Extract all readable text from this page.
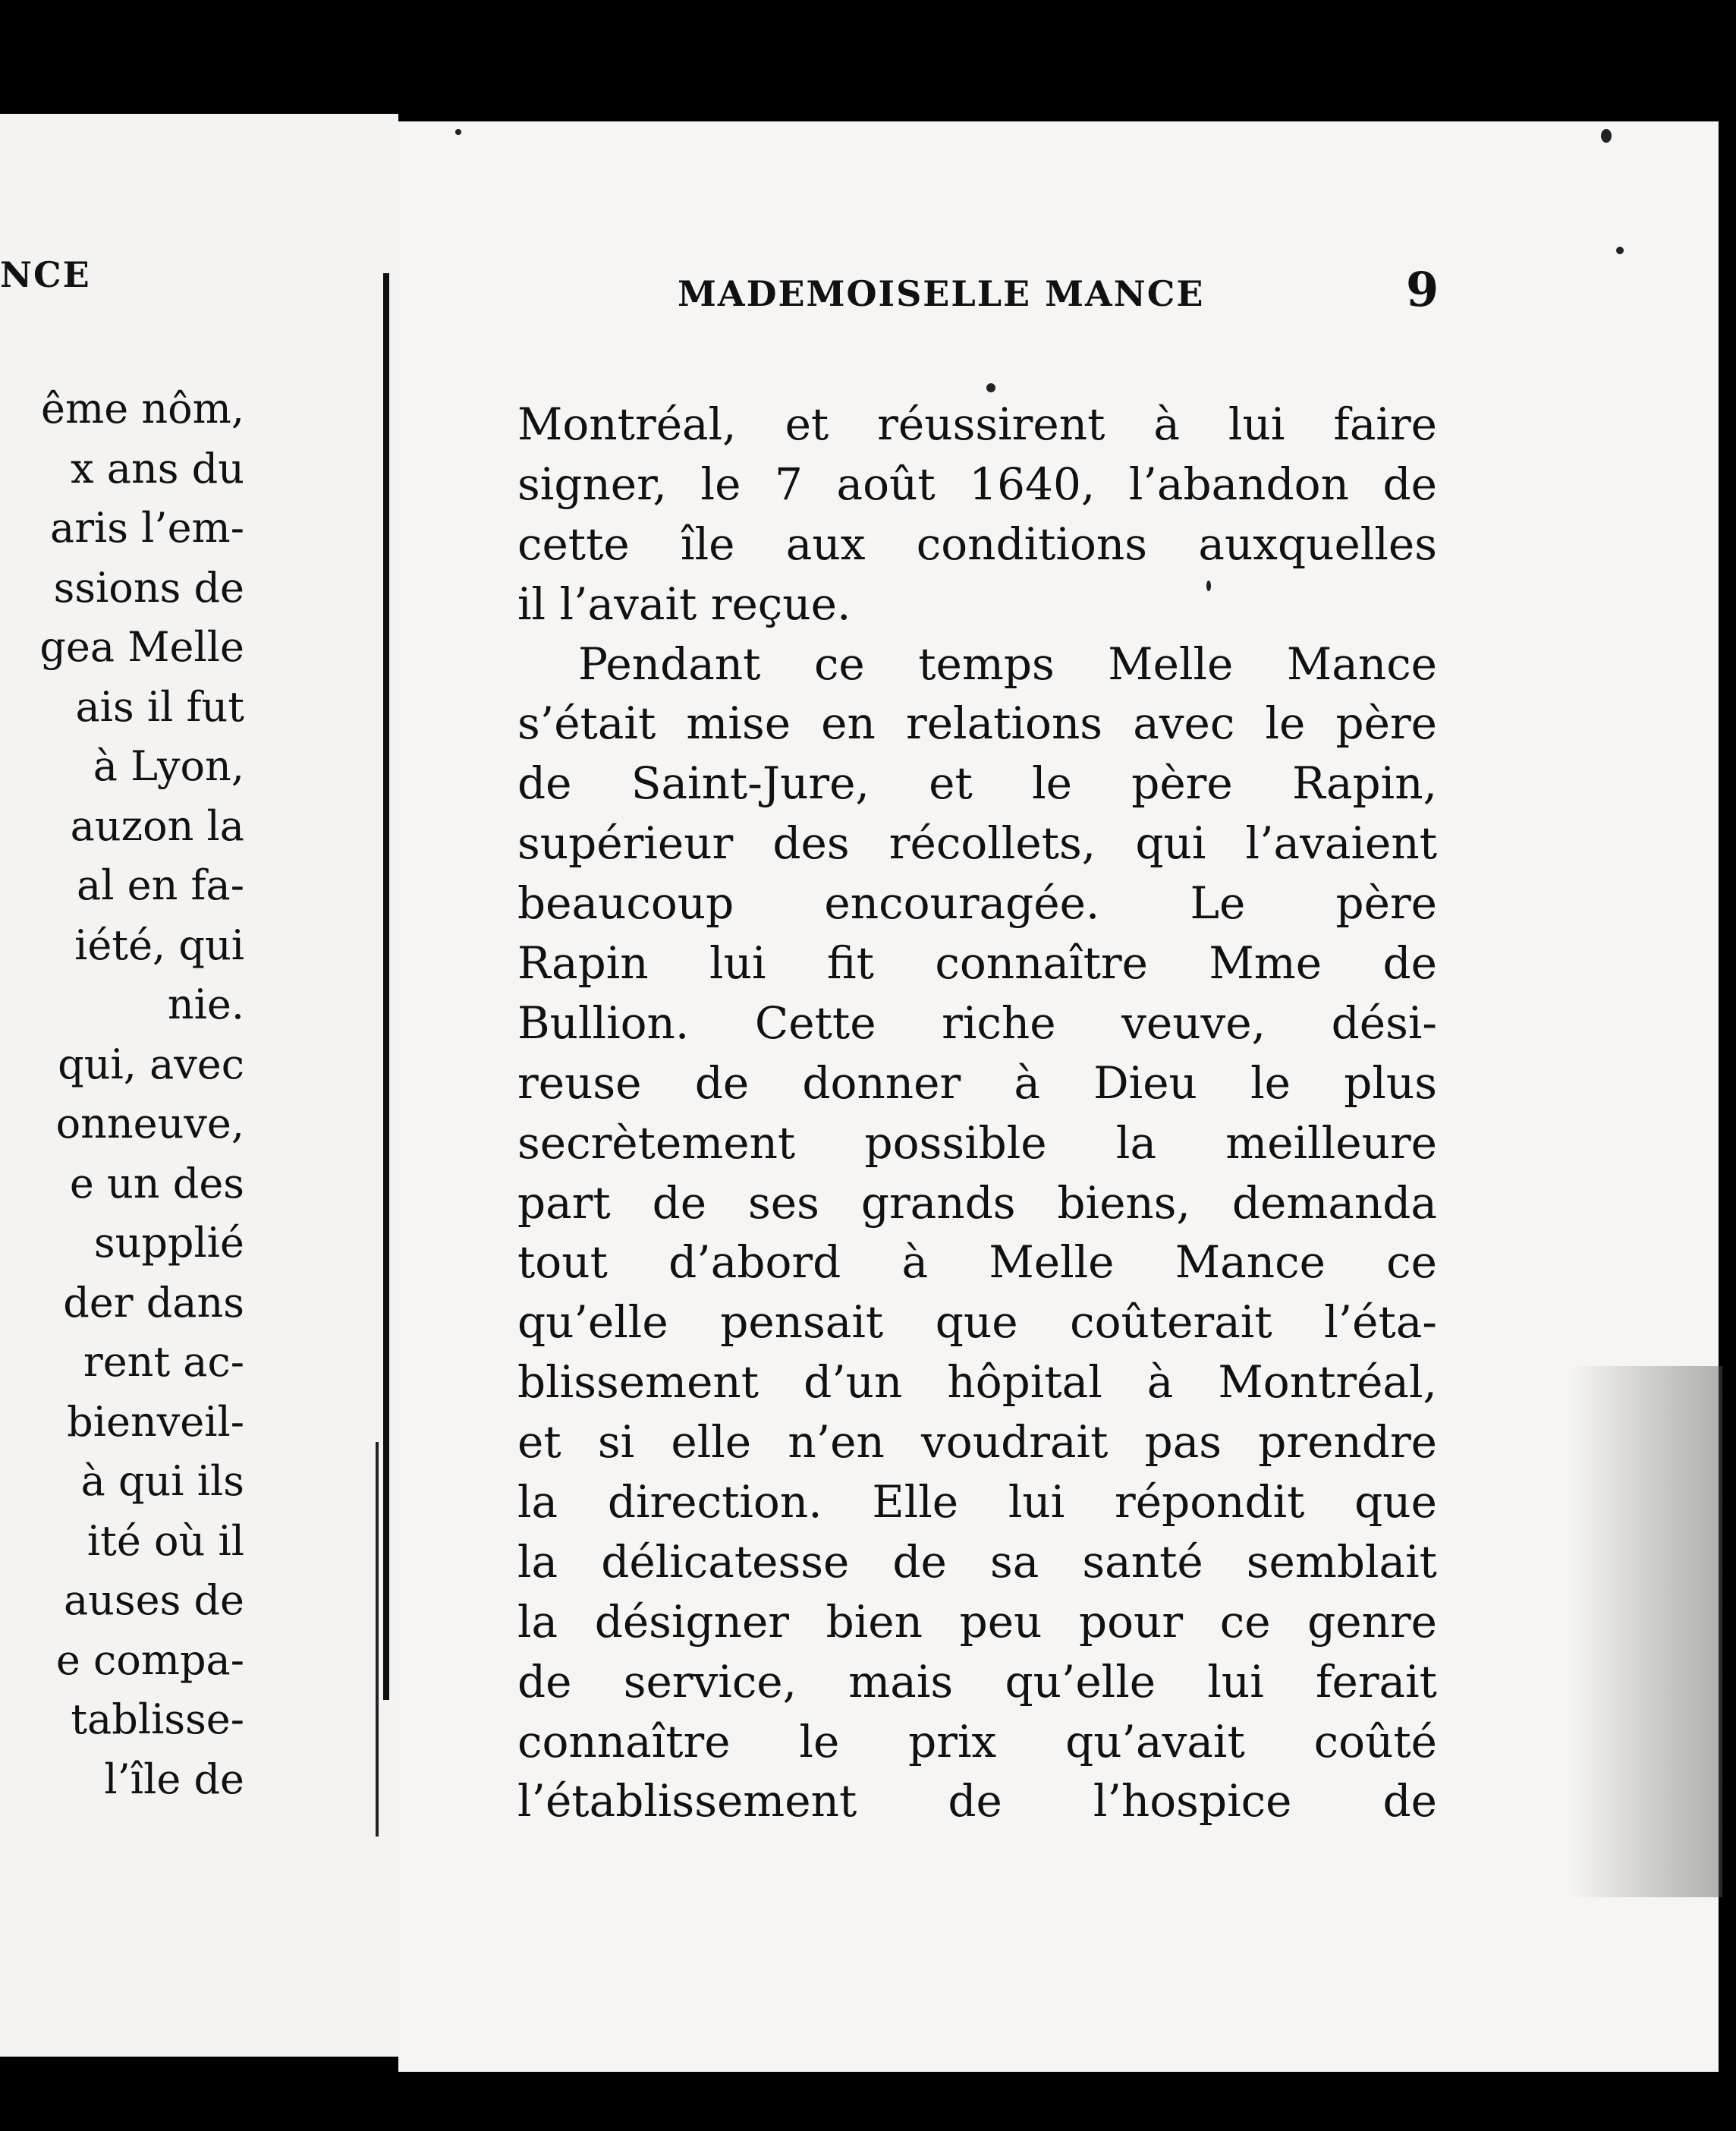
NCE
ême nôm,
x ans du
aris l’em-
ssions de
gea Melle
ais il fut
à Lyon,
auzon la
al en fa-
iété, qui
nie.
qui, avec
onneuve,
e un des
supplié
der dans
rent ac-
bienveil-
à qui ils
ité où il
auses de
e compa-
tablisse-
l’île de
MADEMOISELLE MANCE	9
Montréal, et réussirent à lui faire
signer, le 7 août 1640, l’abandon de
cette île aux conditions auxquelles
il l’avait reçue.
Pendant ce temps Melle Mance
s’était mise en relations avec le père
de Saint-Jure, et le père Rapin,
supérieur des récollets, qui l’avaient
beaucoup encouragée. Le père
Rapin lui fit connaître Mme de
Bullion. Cette riche veuve, dési-
reuse de donner à Dieu le plus
secrètement possible la meilleure
part de ses grands biens, demanda
tout d’abord à Melle Mance ce
qu’elle pensait que coûterait l’éta-
blissement d’un hôpital à Montréal,
et si elle n’en voudrait pas prendre
la direction. Elle lui répondit que
la délicatesse de sa santé semblait
la désigner bien peu pour ce genre
de service, mais qu’elle lui ferait
connaître le prix qu’avait coûté
l’établissement de l’hospice de
